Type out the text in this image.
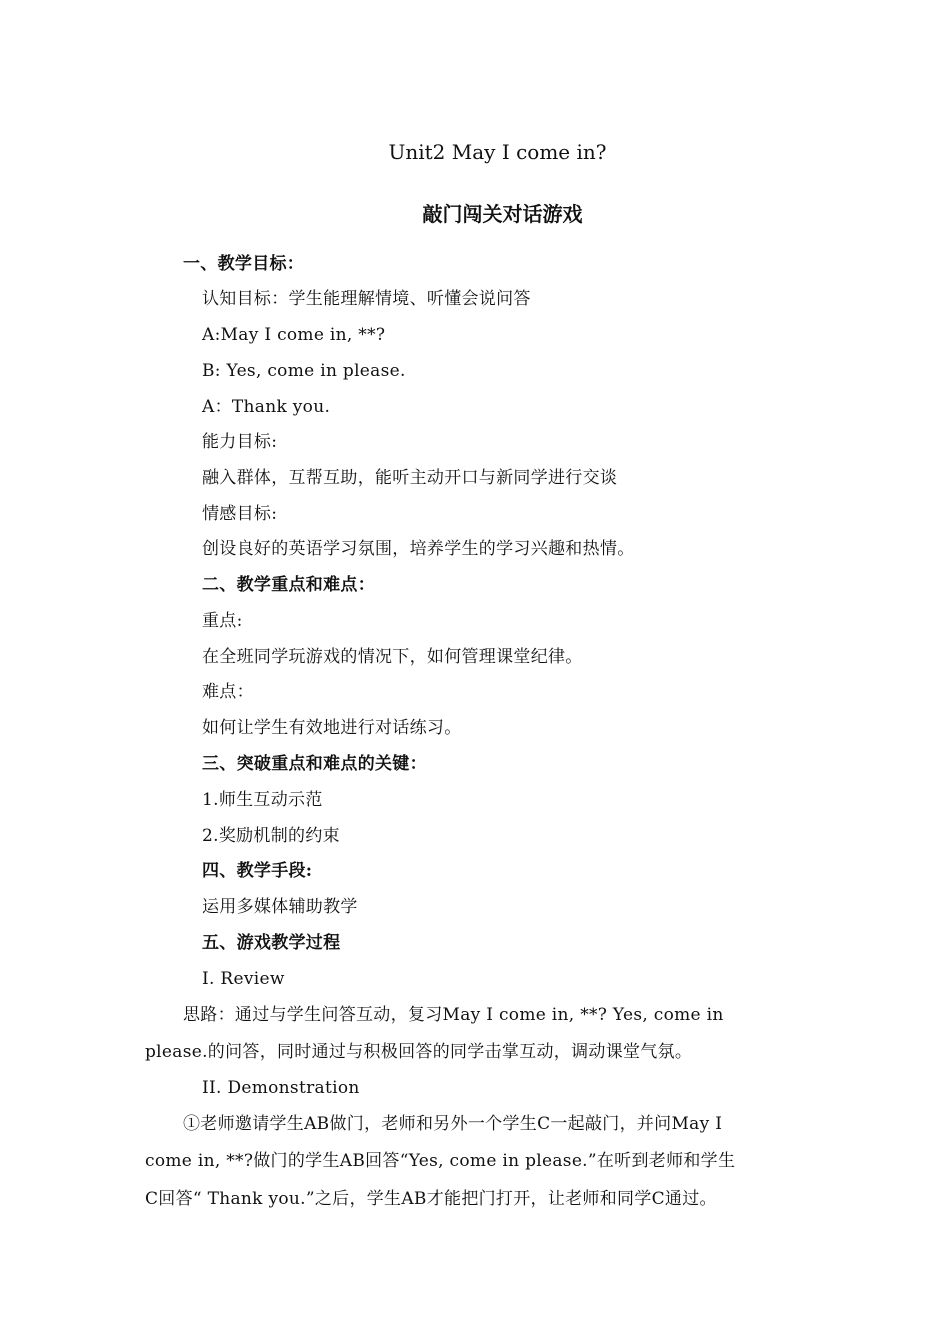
Unit2 May I come in?
敲门闯关对话游戏
一、教学目标：
认知目标：学生能理解情境、听懂会说问答
A:May I come in, **?
B: Yes, come in please.
A：Thank you.
能力目标:
融入群体，互帮互助，能听主动开口与新同学进行交谈
情感目标:
创设良好的英语学习氛围，培养学生的学习兴趣和热情。
二、教学重点和难点：
重点:
在全班同学玩游戏的情况下，如何管理课堂纪律。
难点：
如何让学生有效地进行对话练习。
三、突破重点和难点的关键：
1.师生互动示范
2.奖励机制的约束
四、教学手段:
运用多媒体辅助教学
五、游戏教学过程
I. Review
思路：通过与学生问答互动，复习May I come in, **? Yes, come in
please.的问答，同时通过与积极回答的同学击掌互动，调动课堂气氛。
II. Demonstration
①老师邀请学生AB做门，老师和另外一个学生C一起敲门，并问May I
come in, **?做门的学生AB回答“Yes, come in please.”在听到老师和学生
C回答“ Thank you.”之后，学生AB才能把门打开，让老师和同学C通过。
